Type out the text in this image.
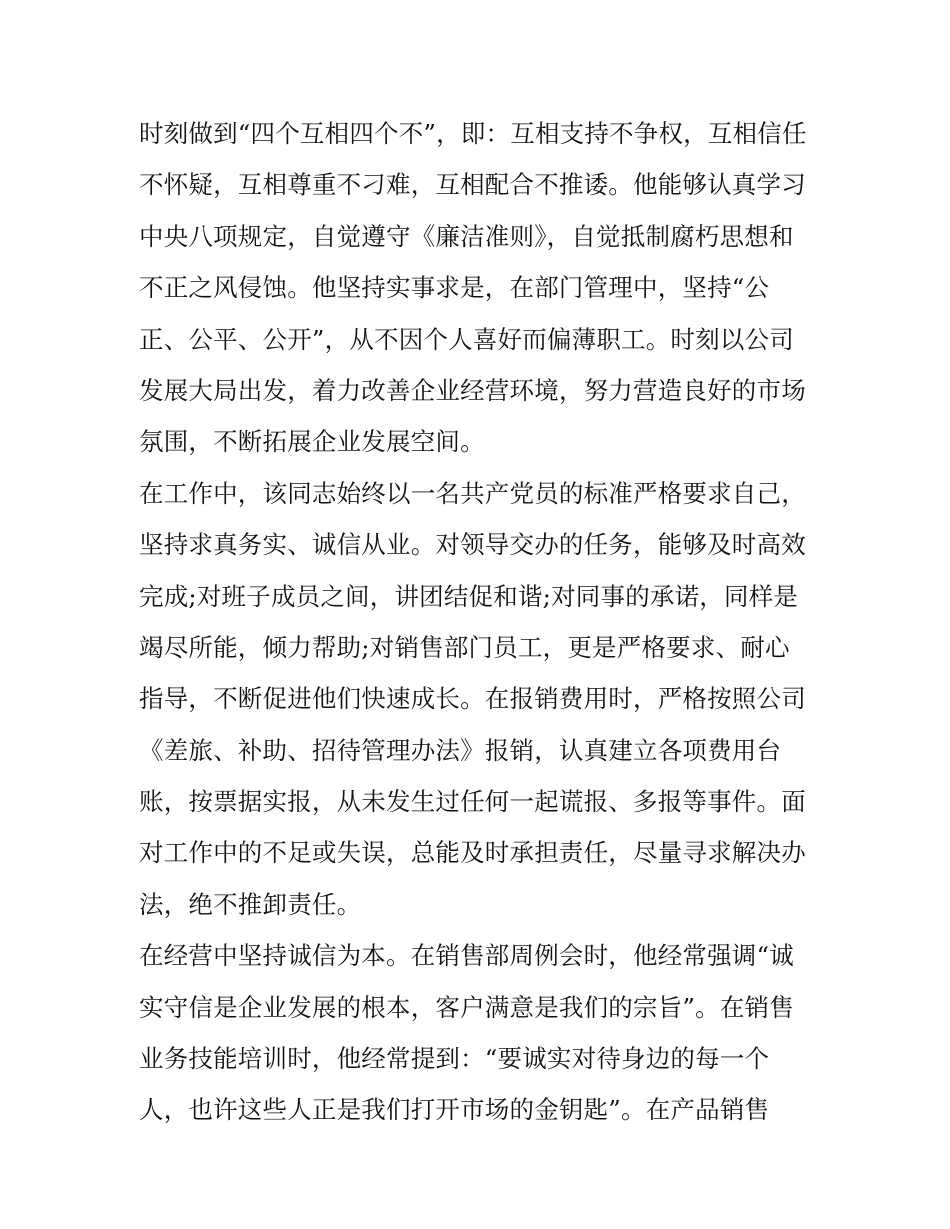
时刻做到“四个互相四个不”，即：互相支持不争权，互相信任
不怀疑，互相尊重不刁难，互相配合不推诿。他能够认真学习
中央八项规定，自觉遵守《廉洁准则》，自觉抵制腐朽思想和
不正之风侵蚀。他坚持实事求是，在部门管理中，坚持“公
正、公平、公开”，从不因个人喜好而偏薄职工。时刻以公司
发展大局出发，着力改善企业经营环境，努力营造良好的市场
氛围，不断拓展企业发展空间。
在工作中，该同志始终以一名共产党员的标准严格要求自己，
坚持求真务实、诚信从业。对领导交办的任务，能够及时高效
完成;对班子成员之间，讲团结促和谐;对同事的承诺，同样是
竭尽所能，倾力帮助;对销售部门员工，更是严格要求、耐心
指导，不断促进他们快速成长。在报销费用时，严格按照公司
《差旅、补助、招待管理办法》报销，认真建立各项费用台
账，按票据实报，从未发生过任何一起谎报、多报等事件。面
对工作中的不足或失误，总能及时承担责任，尽量寻求解决办
法，绝不推卸责任。
在经营中坚持诚信为本。在销售部周例会时，他经常强调“诚
实守信是企业发展的根本，客户满意是我们的宗旨”。在销售
业务技能培训时，他经常提到：“要诚实对待身边的每一个
人，也许这些人正是我们打开市场的金钥匙”。在产品销售
